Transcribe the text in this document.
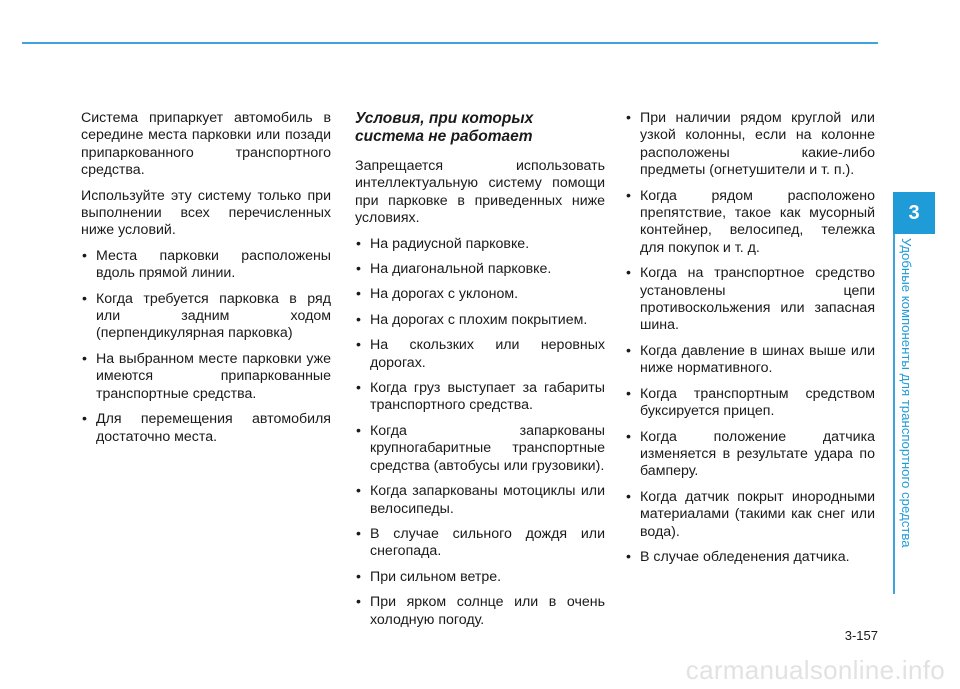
Система припаркует автомобиль в середине места парковки или позади припаркованного транспортного средства.

Используйте эту систему только при выполнении всех перечисленных ниже условий.

• Места парковки расположены вдоль прямой линии.
• Когда требуется парковка в ряд или задним ходом (перпендикулярная парковка)
• На выбранном месте парковки уже имеются припаркованные транспортные средства.
• Для перемещения автомобиля достаточно места.

Условия, при которых система не работает

Запрещается использовать интеллектуальную систему помощи при парковке в приведенных ниже условиях.

• На радиусной парковке.
• На диагональной парковке.
• На дорогах с уклоном.
• На дорогах с плохим покрытием.
• На скользких или неровных дорогах.
• Когда груз выступает за габариты транспортного средства.
• Когда запаркованы крупногабаритные транспортные средства (автобусы или грузовики).
• Когда запаркованы мотоциклы или велосипеды.
• В случае сильного дождя или снегопада.
• При сильном ветре.
• При ярком солнце или в очень холодную погоду.
• При наличии рядом круглой или узкой колонны, если на колонне расположены какие-либо предметы (огнетушители и т. п.).
• Когда рядом расположено препятствие, такое как мусорный контейнер, велосипед, тележка для покупок и т. д.
• Когда на транспортное средство установлены цепи противоскольжения или запасная шина.
• Когда давление в шинах выше или ниже нормативного.
• Когда транспортным средством буксируется прицеп.
• Когда положение датчика изменяется в результате удара по бамперу.
• Когда датчик покрыт инородными материалами (такими как снег или вода).
• В случае обледенения датчика.
3
Удобные компоненты для транспортного средства
3-157
carmanualsonline.info
